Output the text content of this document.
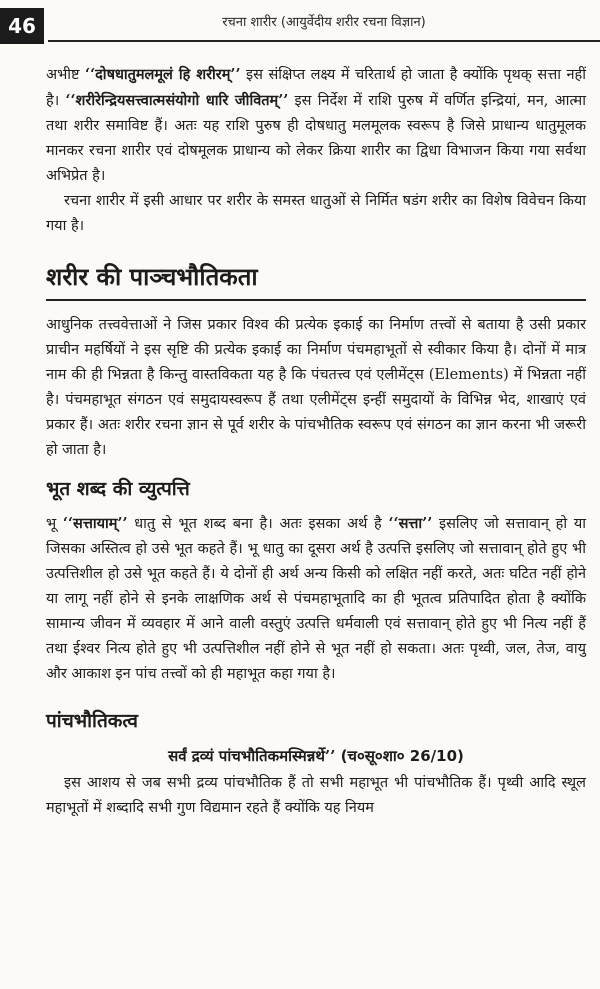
46	रचना शारीर (आयुर्वेदीय शरीर रचना विज्ञान)

अभीष्ट ‘‘दोषधातुमलमूलं हि शरीरम्’’ इस संक्षिप्त लक्ष्य में चरितार्थ हो जाता है क्योंकि पृथक् सत्ता नहीं है। ‘‘शरीरेन्द्रियसत्त्वात्मसंयोगो धारि जीवितम्’’ इस निर्देश में राशि पुरुष में वर्णित इन्द्रियां, मन, आत्मा तथा शरीर समाविष्ट हैं। अतः यह राशि पुरुष ही दोषधातु मलमूलक स्वरूप है जिसे प्राधान्य धातुमूलक मानकर रचना शारीर एवं दोषमूलक प्राधान्य को लेकर क्रिया शारीर का द्विधा विभाजन किया गया सर्वथा अभिप्रेत है।

रचना शारीर में इसी आधार पर शरीर के समस्त धातुओं से निर्मित षडंग शरीर का विशेष विवेचन किया गया है।

शरीर की पाञ्चभौतिकता

आधुनिक तत्त्ववेत्ताओं ने जिस प्रकार विश्व की प्रत्येक इकाई का निर्माण तत्त्वों से बताया है उसी प्रकार प्राचीन महर्षियों ने इस सृष्टि की प्रत्येक इकाई का निर्माण पंचमहाभूतों से स्वीकार किया है। दोनों में मात्र नाम की ही भिन्नता है किन्तु वास्तविकता यह है कि पंचतत्त्व एवं एलीमेंट्स (Elements) में भिन्नता नहीं है। पंचमहाभूत संगठन एवं समुदायस्वरूप हैं तथा एलीमेंट्स इन्हीं समुदायों के विभिन्न भेद, शाखाएं एवं प्रकार हैं। अतः शरीर रचना ज्ञान से पूर्व शरीर के पांचभौतिक स्वरूप एवं संगठन का ज्ञान करना भी जरूरी हो जाता है।

भूत शब्द की व्युत्पत्ति

भू ‘‘सत्तायाम्’’ धातु से भूत शब्द बना है। अतः इसका अर्थ है ‘‘सत्ता’’ इसलिए जो सत्तावान् हो या जिसका अस्तित्व हो उसे भूत कहते हैं। भू धातु का दूसरा अर्थ है उत्पत्ति इसलिए जो सत्तावान् होते हुए भी उत्पत्तिशील हो उसे भूत कहते हैं। ये दोनों ही अर्थ अन्य किसी को लक्षित नहीं करते, अतः घटित नहीं होने या लागू नहीं होने से इनके लाक्षणिक अर्थ से पंचमहाभूतादि का ही भूतत्व प्रतिपादित होता है क्योंकि सामान्य जीवन में व्यवहार में आने वाली वस्तुएं उत्पत्ति धर्मवाली एवं सत्तावान् होते हुए भी नित्य नहीं हैं तथा ईश्वर नित्य होते हुए भी उत्पत्तिशील नहीं होने से भूत नहीं हो सकता। अतः पृथ्वी, जल, तेज, वायु और आकाश इन पांच तत्त्वों को ही महाभूत कहा गया है।

पांचभौतिकत्व
सर्वं द्रव्यं पांचभौतिकमस्मिन्नर्थे’’ (च०सू०शा० 26/10)

इस आशय से जब सभी द्रव्य पांचभौतिक हैं तो सभी महाभूत भी पांचभौतिक हैं। पृथ्वी आदि स्थूल महाभूतों में शब्दादि सभी गुण विद्यमान रहते हैं क्योंकि यह नियम
